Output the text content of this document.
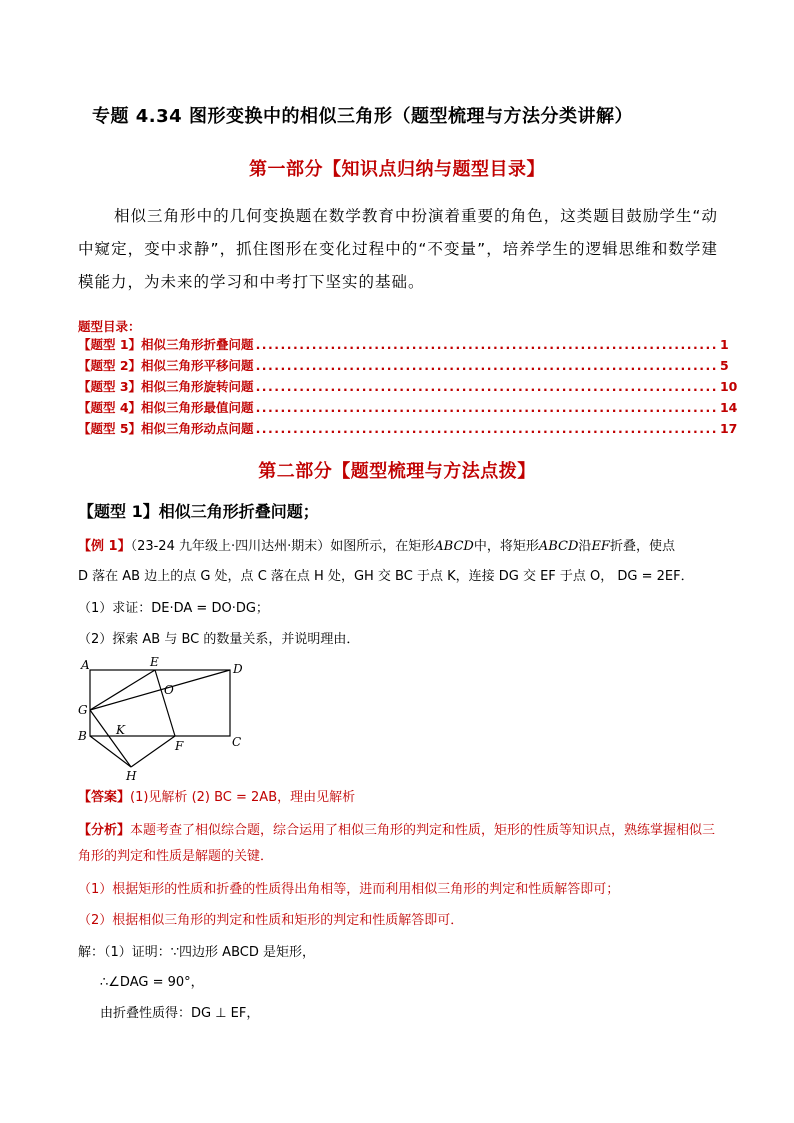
专题 4.34 图形变换中的相似三角形（题型梳理与方法分类讲解）
第一部分【知识点归纳与题型目录】
相似三角形中的几何变换题在数学教育中扮演着重要的角色，这类题目鼓励学生“动中窥定，变中求静”，抓住图形在变化过程中的“不变量”，培养学生的逻辑思维和数学建模能力，为未来的学习和中考打下坚实的基础。
题型目录：
【题型 1】相似三角形折叠问题 .......................................................................... 1
【题型 2】相似三角形平移问题 .......................................................................... 5
【题型 3】相似三角形旋转问题 .......................................................................... 10
【题型 4】相似三角形最值问题 .......................................................................... 14
【题型 5】相似三角形动点问题 .......................................................................... 17
第二部分【题型梳理与方法点拨】
【题型 1】相似三角形折叠问题；
【例 1】（23-24 九年级上·四川达州·期末）如图所示，在矩形ABCD中，将矩形ABCD沿EF折叠，使点
D 落在 AB 边上的点 G 处，点 C 落在点 H 处，GH 交 BC 于点 K，连接 DG 交 EF 于点 O， DG = 2EF．
（1）求证：DE·DA = DO·DG；
（2）探索 AB 与 BC 的数量关系，并说明理由．
A	E	D
O
G
K
B
F	C
H
【答案】(1)见解析 (2) BC = 2AB，理由见解析
【分析】本题考查了相似综合题，综合运用了相似三角形的判定和性质，矩形的性质等知识点，熟练掌握相似三角形的判定和性质是解题的关键．
（1）根据矩形的性质和折叠的性质得出角相等，进而利用相似三角形的判定和性质解答即可；
（2）根据相似三角形的判定和性质和矩形的判定和性质解答即可．
解：（1）证明：∵四边形 ABCD 是矩形，
∴∠DAG = 90°，
由折叠性质得：DG ⊥ EF，
